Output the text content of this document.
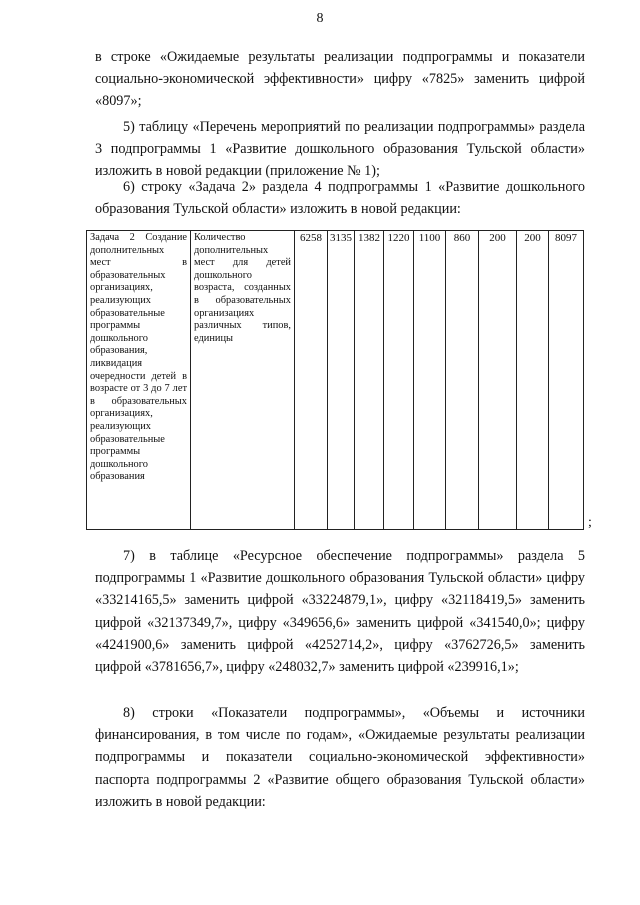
8
в строке «Ожидаемые результаты реализации подпрограммы и показатели социально-экономической эффективности» цифру «7825» заменить цифрой «8097»;
5) таблицу «Перечень мероприятий по реализации подпрограммы» раздела 3 подпрограммы 1 «Развитие дошкольного образования Тульской области» изложить в новой редакции (приложение № 1);
6) строку «Задача 2» раздела 4 подпрограммы 1 «Развитие дошкольного образования Тульской области» изложить в новой редакции:
Задача 2 Создание дополнительных мест в образовательных организациях, реализующих образовательные программы дошкольного образования, ликвидация очередности детей в возрасте от 3 до 7 лет в образовательных организациях, реализующих образовательные программы дошкольного образования	Количество дополнительных мест для детей дошкольного возраста, созданных в образовательных организациях различных типов, единицы	6258	3135	1382	1220	1100	860	200	200	8097
;
7) в таблице «Ресурсное обеспечение подпрограммы» раздела 5 подпрограммы 1 «Развитие дошкольного образования Тульской области» цифру «33214165,5» заменить цифрой «33224879,1», цифру «32118419,5» заменить цифрой «32137349,7», цифру «349656,6» заменить цифрой «341540,0»; цифру «4241900,6» заменить цифрой «4252714,2», цифру «3762726,5» заменить цифрой «3781656,7», цифру «248032,7» заменить цифрой «239916,1»;
8) строки «Показатели подпрограммы», «Объемы и источники финансирования, в том числе по годам», «Ожидаемые результаты реализации подпрограммы и показатели социально-экономической эффективности» паспорта подпрограммы 2 «Развитие общего образования Тульской области» изложить в новой редакции:
